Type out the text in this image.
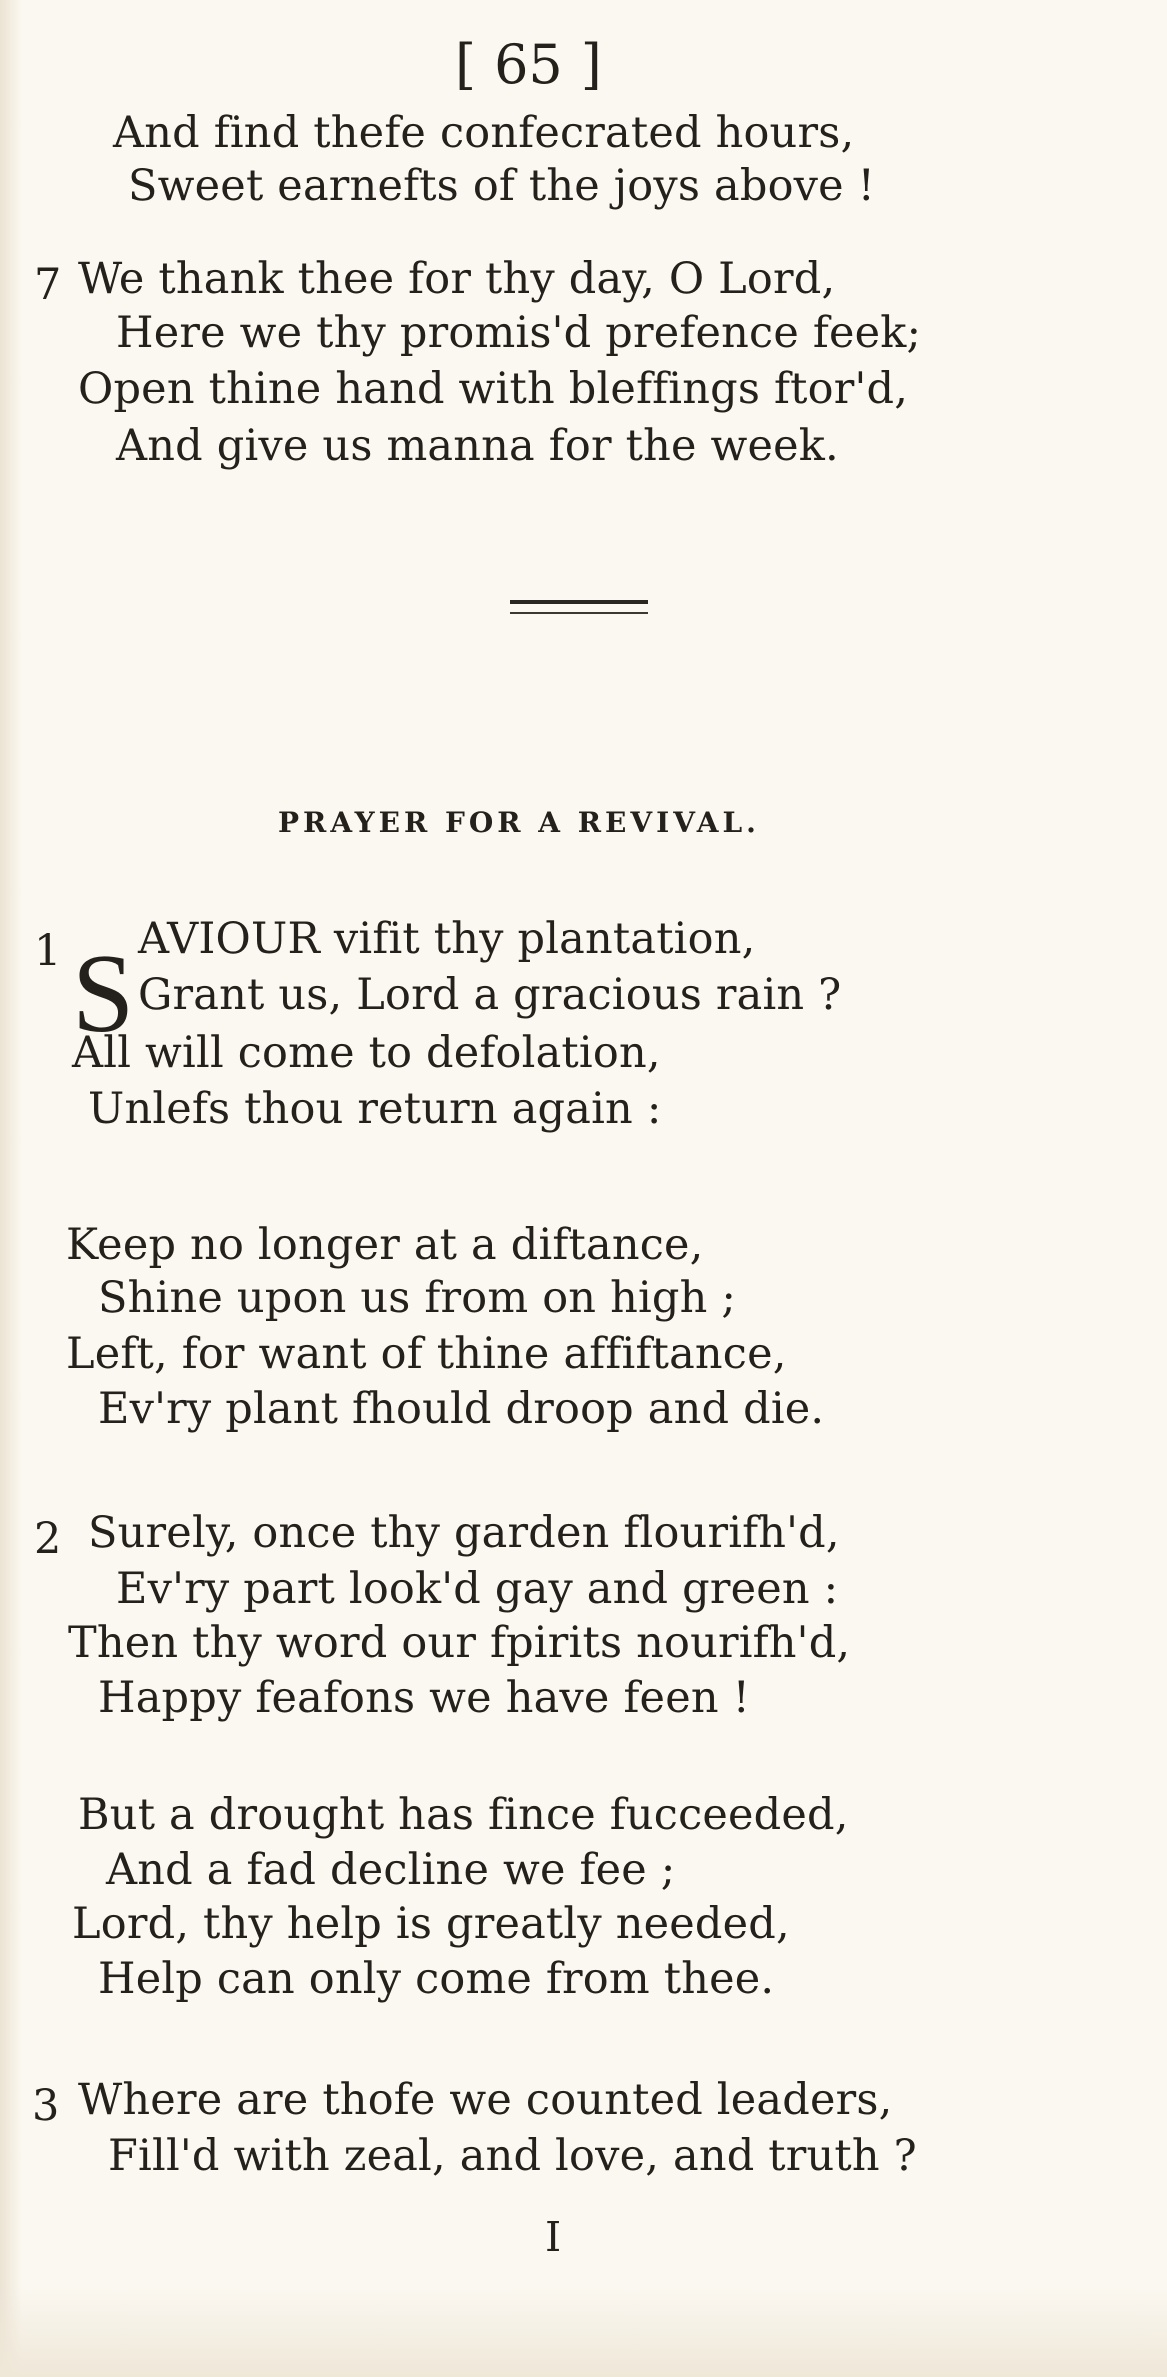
[ 65 ]
And find thefe confecrated hours,
Sweet earnefts of the joys above !
7 We thank thee for thy day, O Lord,
Here we thy promis'd prefence feek;
Open thine hand with bleffings ftor'd,
And give us manna for the week.
PRAYER FOR A REVIVAL.
1 S AVIOUR vifit thy plantation,
Grant us, Lord a gracious rain ?
All will come to defolation,
Unlefs thou return again :
Keep no longer at a diftance,
Shine upon us from on high ;
Left, for want of thine affiftance,
Ev'ry plant fhould droop and die.
2 Surely, once thy garden flourifh'd,
Ev'ry part look'd gay and green :
Then thy word our fpirits nourifh'd,
Happy feafons we have feen !
But a drought has fince fucceeded,
And a fad decline we fee ;
Lord, thy help is greatly needed,
Help can only come from thee.
3 Where are thofe we counted leaders,
Fill'd with zeal, and love, and truth ?
I
